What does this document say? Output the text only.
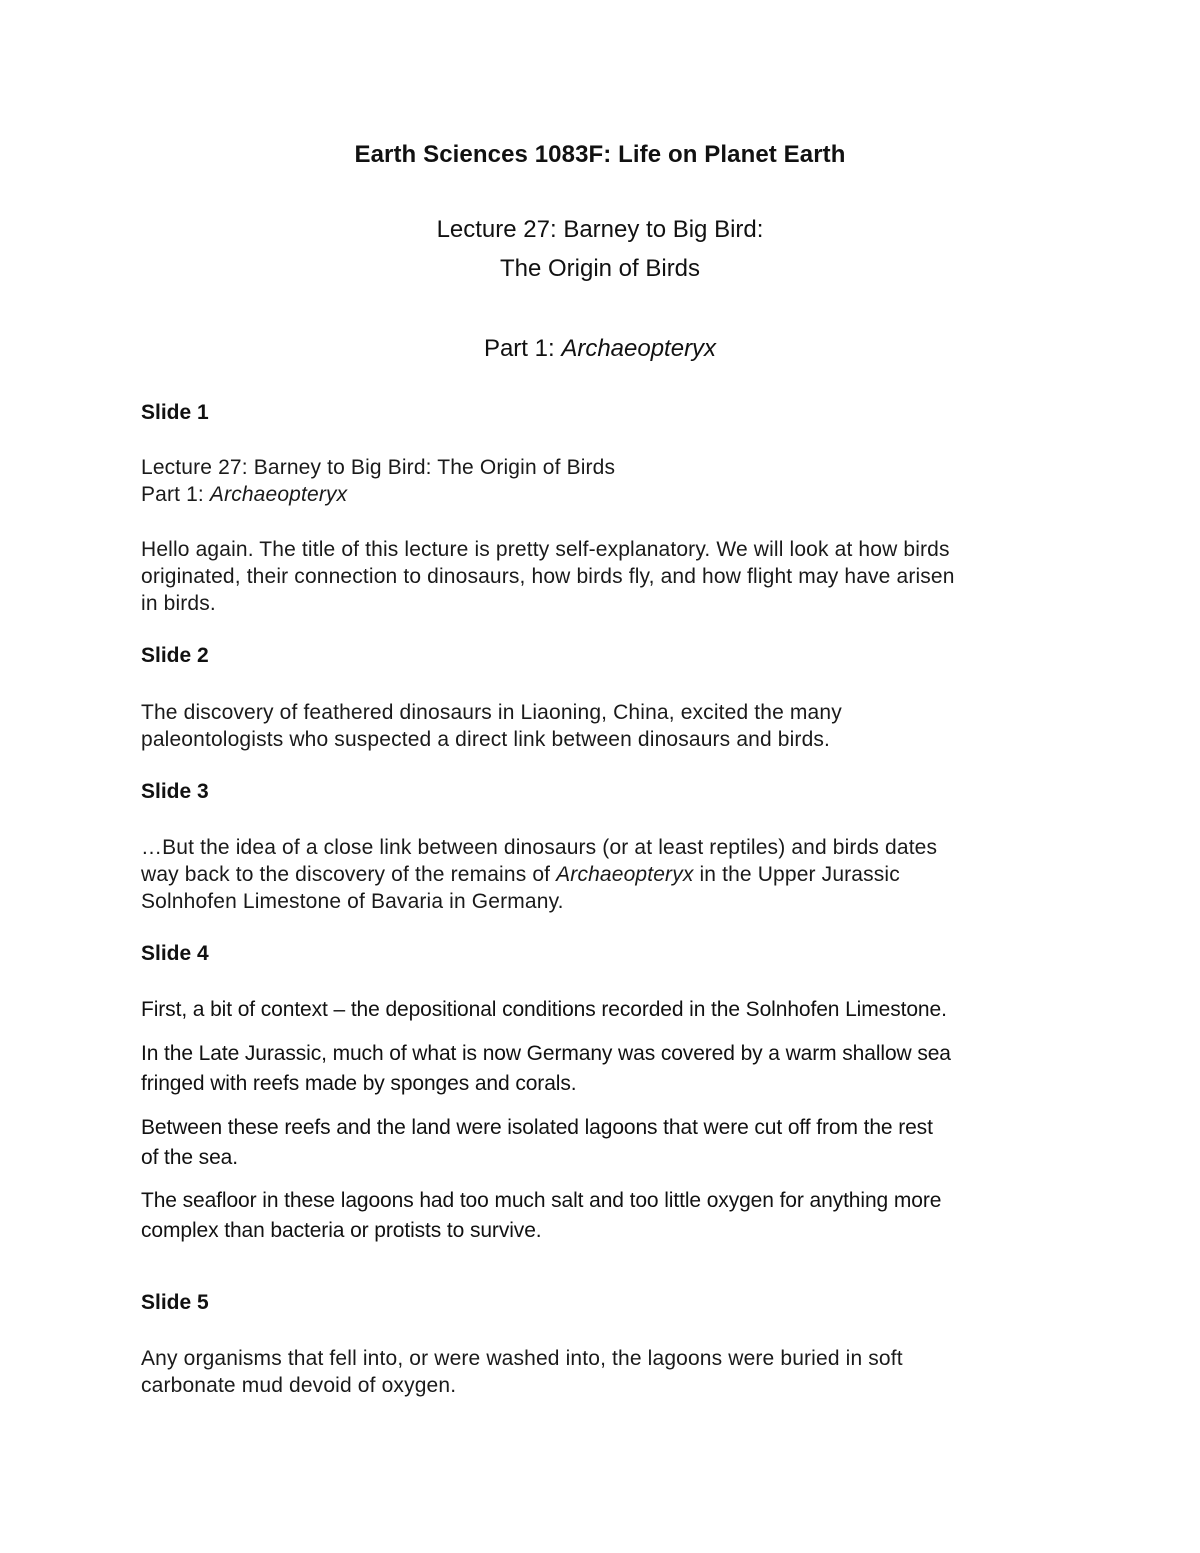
Earth Sciences 1083F: Life on Planet Earth
Lecture 27: Barney to Big Bird:
The Origin of Birds
Part 1: Archaeopteryx
Slide 1
Lecture 27: Barney to Big Bird: The Origin of Birds
Part 1: Archaeopteryx
Hello again. The title of this lecture is pretty self-explanatory. We will look at how birds
originated, their connection to dinosaurs, how birds fly, and how flight may have arisen
in birds.
Slide 2
The discovery of feathered dinosaurs in Liaoning, China, excited the many
paleontologists who suspected a direct link between dinosaurs and birds.
Slide 3
…But the idea of a close link between dinosaurs (or at least reptiles) and birds dates
way back to the discovery of the remains of Archaeopteryx in the Upper Jurassic
Solnhofen Limestone of Bavaria in Germany.
Slide 4
First, a bit of context – the depositional conditions recorded in the Solnhofen Limestone.
In the Late Jurassic, much of what is now Germany was covered by a warm shallow sea
fringed with reefs made by sponges and corals.
Between these reefs and the land were isolated lagoons that were cut off from the rest
of the sea.
The seafloor in these lagoons had too much salt and too little oxygen for anything more
complex than bacteria or protists to survive.
Slide 5
Any organisms that fell into, or were washed into, the lagoons were buried in soft
carbonate mud devoid of oxygen.
